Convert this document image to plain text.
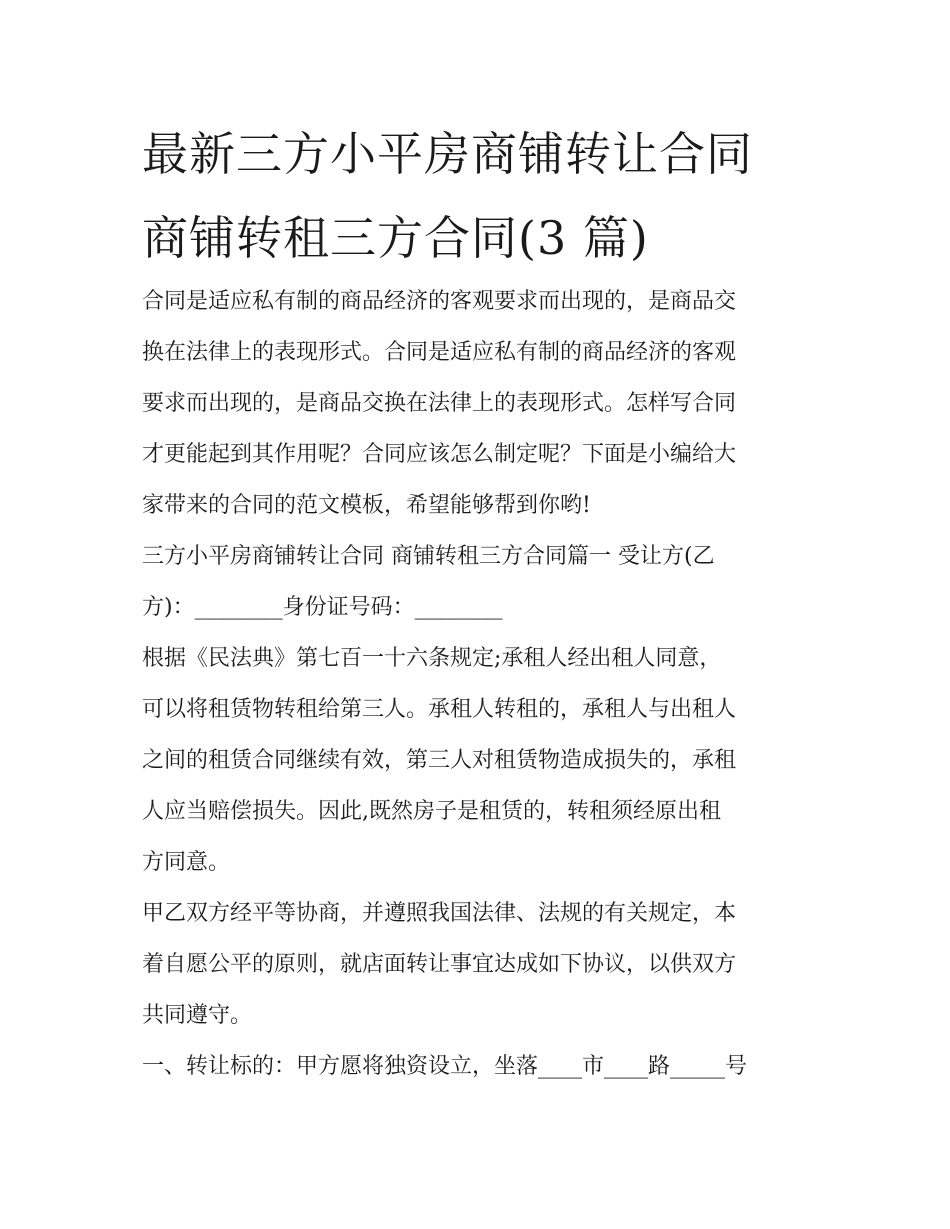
最新三方小平房商铺转让合同
商铺转租三方合同(3 篇)

合同是适应私有制的商品经济的客观要求而出现的，是商品交
换在法律上的表现形式。合同是适应私有制的商品经济的客观
要求而出现的，是商品交换在法律上的表现形式。怎样写合同
才更能起到其作用呢？合同应该怎么制定呢？下面是小编给大
家带来的合同的范文模板，希望能够帮到你哟!

三方小平房商铺转让合同 商铺转租三方合同篇一 受让方(乙
方)：________身份证号码：________

根据《民法典》第七百一十六条规定;承租人经出租人同意，
可以将租赁物转租给第三人。承租人转租的，承租人与出租人
之间的租赁合同继续有效，第三人对租赁物造成损失的，承租
人应当赔偿损失。因此,既然房子是租赁的，转租须经原出租
方同意。

甲乙双方经平等协商，并遵照我国法律、法规的有关规定，本
着自愿公平的原则，就店面转让事宜达成如下协议，以供双方
共同遵守。

一、转让标的：甲方愿将独资设立，坐落____市____路_____号
